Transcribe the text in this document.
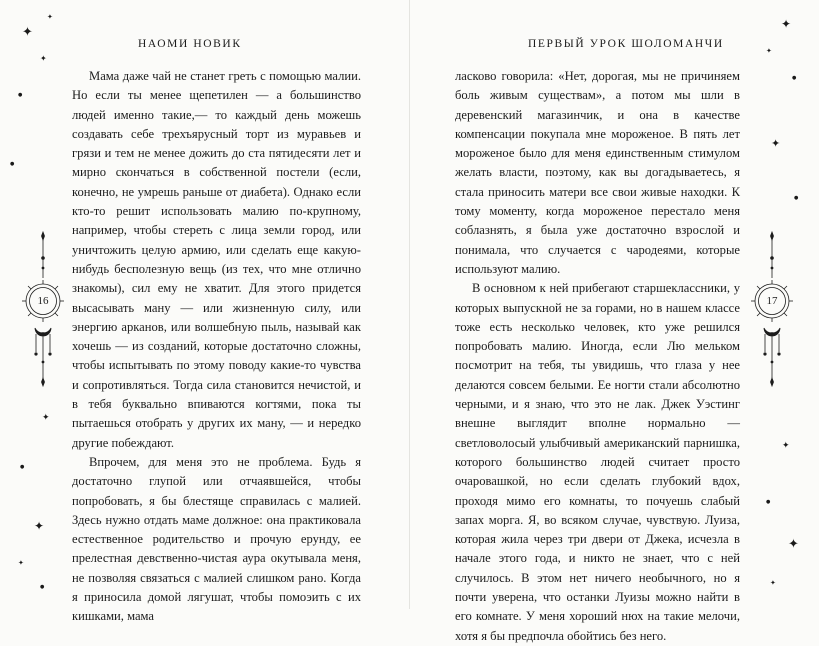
НАОМИ НОВИК

Мама даже чай не станет греть с помощью малии. Но если ты менее щепетилен — а большинство людей именно такие,— то каждый день можешь создавать себе трехъярусный торт из муравьев и грязи и тем не менее дожить до ста пятидесяти лет и мирно скончаться в собственной постели (если, конечно, не умрешь раньше от диабета). Однако если кто-то решит использовать малию по-крупному, например, чтобы стереть с лица земли город, или уничтожить целую армию, или сделать еще какую-нибудь бесполезную вещь (из тех, что мне отлично знакомы), сил ему не хватит. Для этого придется высасывать ману — или жизненную силу, или энергию арканов, или волшебную пыль, называй как хочешь — из созданий, которые достаточно сложны, чтобы испытывать по этому поводу какие-то чувства и сопротивляться. Тогда сила становится нечистой, и в тебя буквально впиваются когтями, пока ты пытаешься отобрать у других их ману, — и нередко другие побеждают.

Впрочем, для меня это не проблема. Будь я достаточно глупой или отчаявшейся, чтобы попробовать, я бы блестяще справилась с малией. Здесь нужно отдать маме должное: она практиковала естественное родительство и прочую ерунду, ее прелестная девственно-чистая аура окутывала меня, не позволяя связаться с малией слишком рано. Когда я приносила домой лягушат, чтобы помоэить с их кишками, мама

16
✦
✦
✦
●
●
✦
●
✦
✦
●
ПЕРВЫЙ УРОК ШОЛОМАНЧИ

ласково говорила: «Нет, дорогая, мы не причиняем боль живым существам», а потом мы шли в деревенский магазинчик, и она в качестве компенсации покупала мне мороженое. В пять лет мороженое было для меня единственным стимулом желать власти, поэтому, как вы догадываетесь, я стала приносить матери все свои живые находки. К тому моменту, когда мороженое перестало меня соблазнять, я была уже достаточно взрослой и понимала, что случается с чародеями, которые используют малию.

В основном к ней прибегают старшеклассники, у которых выпускной не за горами, но в нашем классе тоже есть несколько человек, кто уже решился попробовать малию. Иногда, если Лю мельком посмотрит на тебя, ты увидишь, что глаза у нее делаются совсем белыми. Ее ногти стали абсолютно черными, и я знаю, что это не лак. Джек Уэстинг внешне выглядит вполне нормально — светловолосый улыбчивый американский парнишка, которого большинство людей считает просто очаровашкой, но если сделать глубокий вдох, проходя мимо его комнаты, то почуешь слабый запах морга. Я, во всяком случае, чувствую. Луиза, которая жила через три двери от Джека, исчезла в начале этого года, и никто не знает, что с ней случилось. В этом нет ничего необычного, но я почти уверена, что останки Луизы можно найти в его комнате. У меня хороший нюх на такие мелочи, хотя я бы предпочла обойтись без него.

17
✦
✦
●
✦
●
✦
●
✦
✦
